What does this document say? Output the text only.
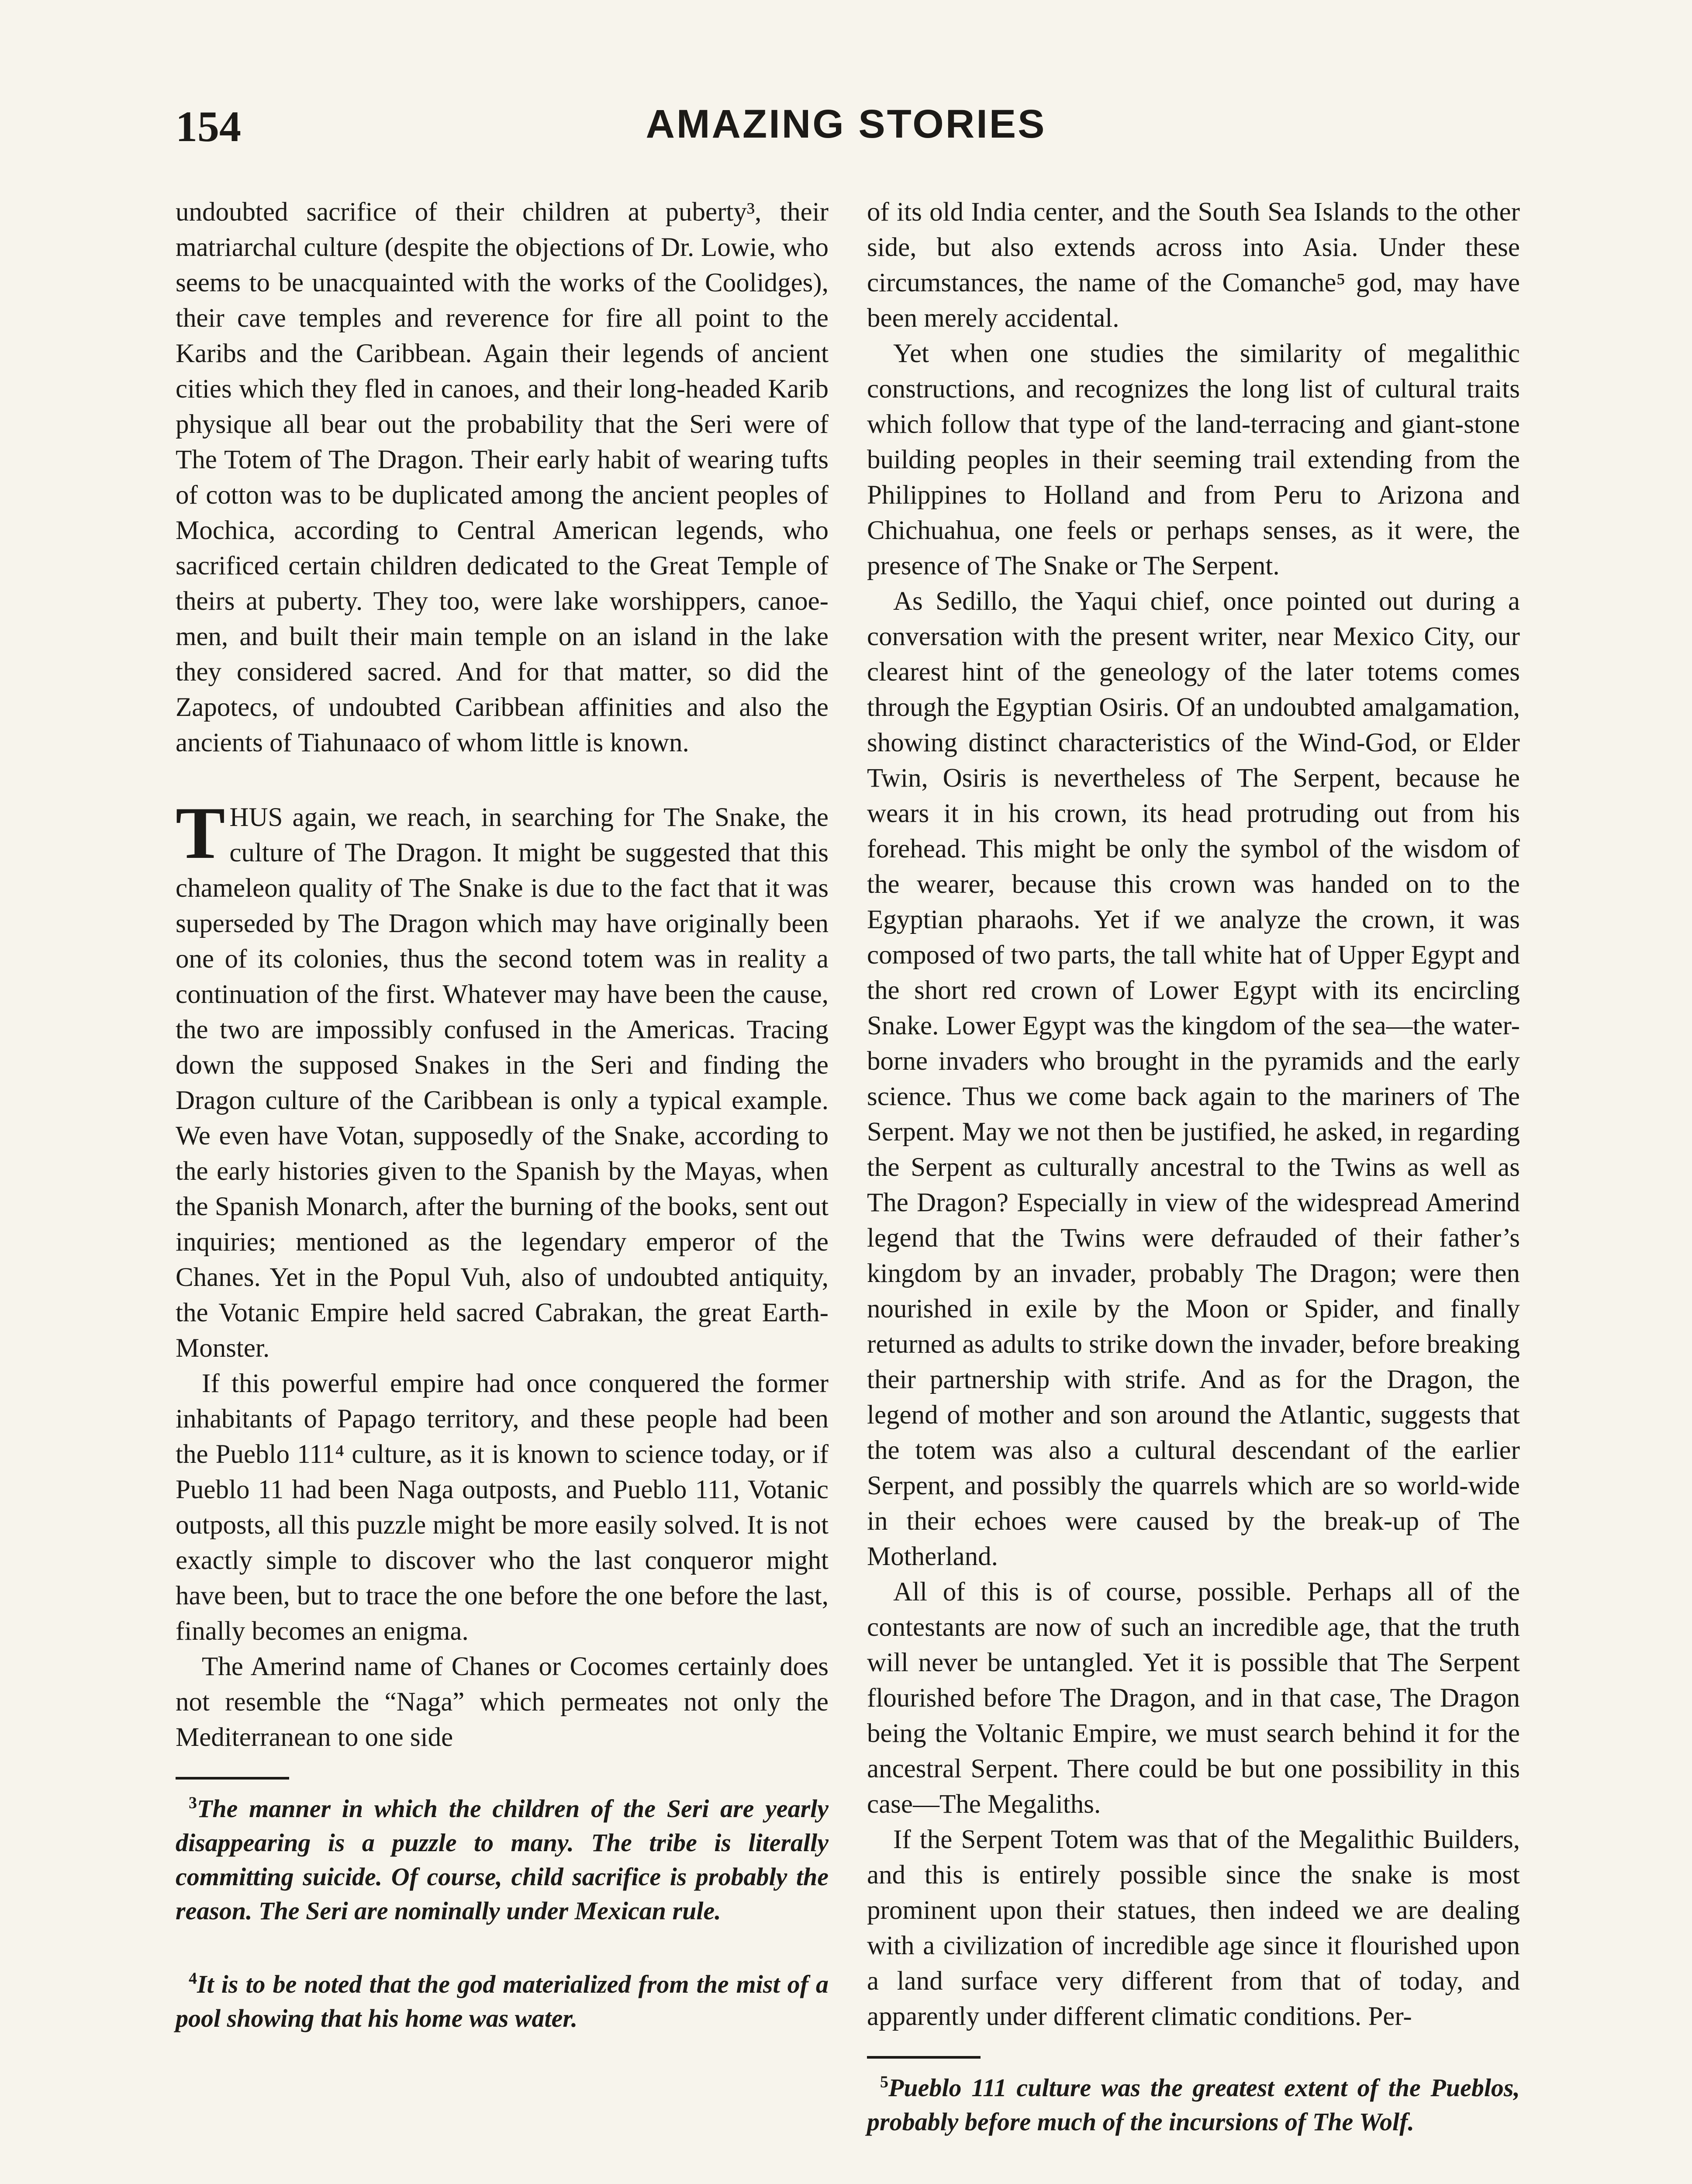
154	AMAZING STORIES

undoubted sacrifice of their children at puberty³, their matriarchal culture (despite the objections of Dr. Lowie, who seems to be unacquainted with the works of the Coolidges), their cave temples and reverence for fire all point to the Karibs and the Caribbean. Again their legends of ancient cities which they fled in canoes, and their long-headed Karib physique all bear out the probability that the Seri were of The Totem of The Dragon. Their early habit of wearing tufts of cotton was to be duplicated among the ancient peoples of Mochica, according to Central American legends, who sacrificed certain children dedicated to the Great Temple of theirs at puberty. They too, were lake worshippers, canoe-men, and built their main temple on an island in the lake they considered sacred. And for that matter, so did the Zapotecs, of undoubted Caribbean affinities and also the ancients of Tiahunaaco of whom little is known.

THUS again, we reach, in searching for The Snake, the culture of The Dragon. It might be suggested that this chameleon quality of The Snake is due to the fact that it was superseded by The Dragon which may have originally been one of its colonies, thus the second totem was in reality a continuation of the first. Whatever may have been the cause, the two are impossibly confused in the Americas. Tracing down the supposed Snakes in the Seri and finding the Dragon culture of the Caribbean is only a typical example. We even have Votan, supposedly of the Snake, according to the early histories given to the Spanish by the Mayas, when the Spanish Monarch, after the burning of the books, sent out inquiries; mentioned as the legendary emperor of the Chanes. Yet in the Popul Vuh, also of undoubted antiquity, the Votanic Empire held sacred Cabrakan, the great Earth-Monster.

If this powerful empire had once conquered the former inhabitants of Papago territory, and these people had been the Pueblo 111⁴ culture, as it is known to science today, or if Pueblo 11 had been Naga outposts, and Pueblo 111, Votanic outposts, all this puzzle might be more easily solved. It is not exactly simple to discover who the last conqueror might have been, but to trace the one before the one before the last, finally becomes an enigma.

The Amerind name of Chanes or Cocomes certainly does not resemble the “Naga” which permeates not only the Mediterranean to one side

$^3$The manner in which the children of the Seri are yearly disappearing is a puzzle to many. The tribe is literally committing suicide. Of course, child sacrifice is probably the reason. The Seri are nominally under Mexican rule.

$^4$It is to be noted that the god materialized from the mist of a pool showing that his home was water.

of its old India center, and the South Sea Islands to the other side, but also extends across into Asia. Under these circumstances, the name of the Comanche⁵ god, may have been merely accidental.

Yet when one studies the similarity of megalithic constructions, and recognizes the long list of cultural traits which follow that type of the land-terracing and giant-stone building peoples in their seeming trail extending from the Philippines to Holland and from Peru to Arizona and Chichuahua, one feels or perhaps senses, as it were, the presence of The Snake or The Serpent.

As Sedillo, the Yaqui chief, once pointed out during a conversation with the present writer, near Mexico City, our clearest hint of the geneology of the later totems comes through the Egyptian Osiris. Of an undoubted amalgamation, showing distinct characteristics of the Wind-God, or Elder Twin, Osiris is nevertheless of The Serpent, because he wears it in his crown, its head protruding out from his forehead. This might be only the symbol of the wisdom of the wearer, because this crown was handed on to the Egyptian pharaohs. Yet if we analyze the crown, it was composed of two parts, the tall white hat of Upper Egypt and the short red crown of Lower Egypt with its encircling Snake. Lower Egypt was the kingdom of the sea—the water-borne invaders who brought in the pyramids and the early science. Thus we come back again to the mariners of The Serpent. May we not then be justified, he asked, in regarding the Serpent as culturally ancestral to the Twins as well as The Dragon? Especially in view of the widespread Amerind legend that the Twins were defrauded of their father’s kingdom by an invader, probably The Dragon; were then nourished in exile by the Moon or Spider, and finally returned as adults to strike down the invader, before breaking their partnership with strife. And as for the Dragon, the legend of mother and son around the Atlantic, suggests that the totem was also a cultural descendant of the earlier Serpent, and possibly the quarrels which are so world-wide in their echoes were caused by the break-up of The Motherland.

All of this is of course, possible. Perhaps all of the contestants are now of such an incredible age, that the truth will never be untangled. Yet it is possible that The Serpent flourished before The Dragon, and in that case, The Dragon being the Voltanic Empire, we must search behind it for the ancestral Serpent. There could be but one possibility in this case—The Megaliths.

If the Serpent Totem was that of the Megalithic Builders, and this is entirely possible since the snake is most prominent upon their statues, then indeed we are dealing with a civilization of incredible age since it flourished upon a land surface very different from that of today, and apparently under different climatic conditions. Per-

$^5$Pueblo 111 culture was the greatest extent of the Pueblos, probably before much of the incursions of The Wolf.
